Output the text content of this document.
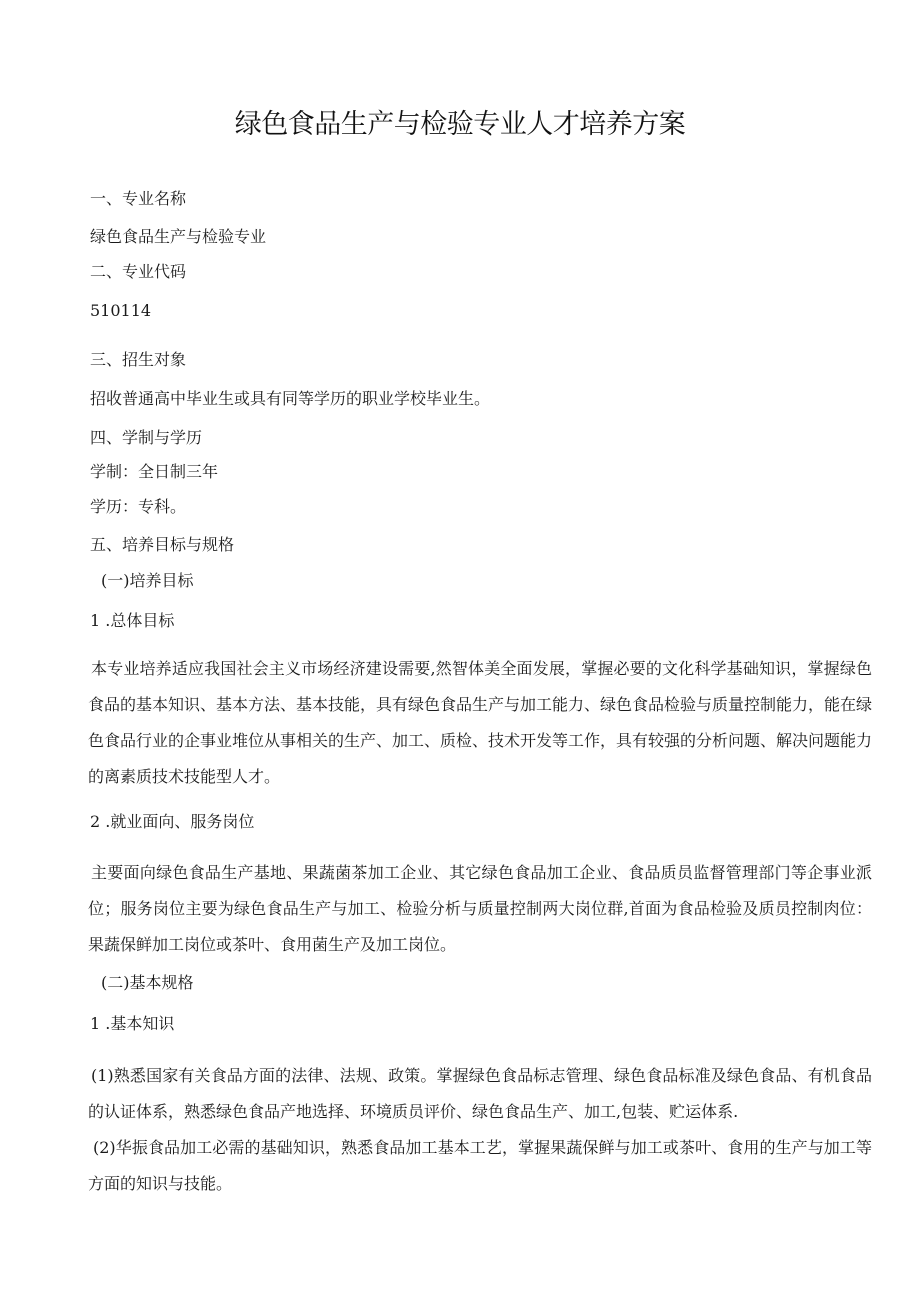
绿色食品生产与检验专业人才培养方案
一、专业名称
绿色食品生产与检验专业
二、专业代码
510114
三、招生对象
招收普通高中毕业生或具有同等学历的职业学校毕业生。
四、学制与学历
学制：全日制三年
学历：专科。
五、培养目标与规格
(一)培养目标
1 .总体目标
本专业培养适应我国社会主义市场经济建设需要,然智体美全面发展，掌握必要的文化科学基础知识，掌握绿色食品的基本知识、基本方法、基本技能，具有绿色食品生产与加工能力、绿色食品检验与质量控制能力，能在绿色食品行业的企事业堆位从事相关的生产、加工、质检、技术开发等工作，具有较强的分析问题、解决问题能力的离素质技术技能型人才。
2 .就业面向、服务岗位
主要面向绿色食品生产基地、果蔬菌茶加工企业、其它绿色食品加工企业、食品质员监督管理部门等企事业派位；服务岗位主要为绿色食品生产与加工、检验分析与质量控制两大岗位群,首面为食品检验及质员控制肉位：果蔬保鲜加工岗位或茶叶、食用菌生产及加工岗位。
(二)基本规格
1 .基本知识
(1)熟悉国家有关食品方面的法律、法规、政策。掌握绿色食品标志管理、绿色食品标准及绿色食品、有机食品的认证体系，熟悉绿色食品产地选择、环境质员评价、绿色食品生产、加工,包装、贮运体系.
(2)华振食品加工必需的基础知识，熟悉食品加工基本工艺，掌握果蔬保鲜与加工或茶叶、食用的生产与加工等方面的知识与技能。
